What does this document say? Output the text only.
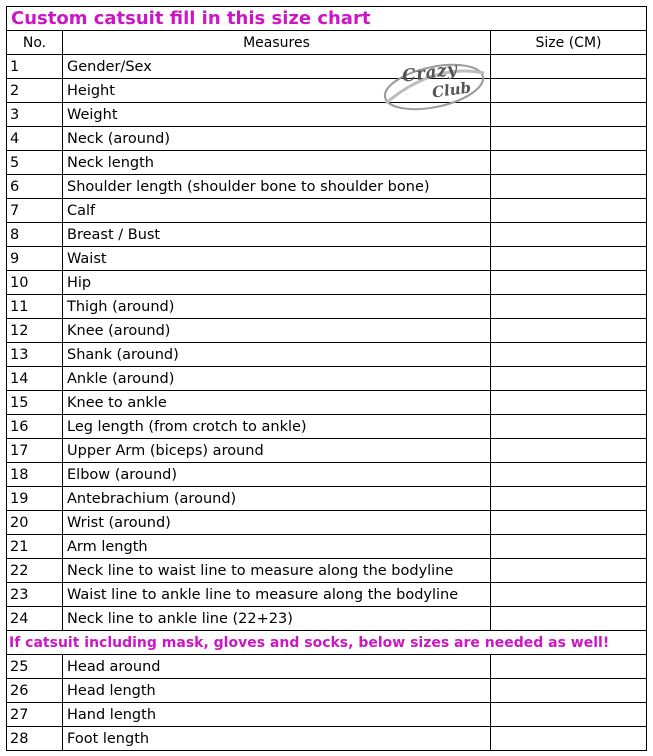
Custom catsuit fill in this size chart		
No.	Measures	Size (CM)
1	Gender/Sex	
2	Height	
3	Weight	
4	Neck (around)	
5	Neck length	
6	Shoulder length (shoulder bone to shoulder bone)	
7	Calf	
8	Breast / Bust	
9	Waist	
10	Hip	
11	Thigh (around)	
12	Knee (around)	
13	Shank (around)	
14	Ankle (around)	
15	Knee to ankle	
16	Leg length (from crotch to ankle)	
17	Upper Arm (biceps) around	
18	Elbow (around)	
19	Antebrachium (around)	
20	Wrist (around)	
21	Arm length	
22	Neck line to waist line to measure along the bodyline	
23	Waist line to ankle line to measure along the bodyline	
24	Neck line to ankle line (22+23)	
If catsuit including mask, gloves and socks, below sizes are needed as well!		
25	Head around	
26	Head length	
27	Hand length	
28	Foot length	
Crazy
Club
